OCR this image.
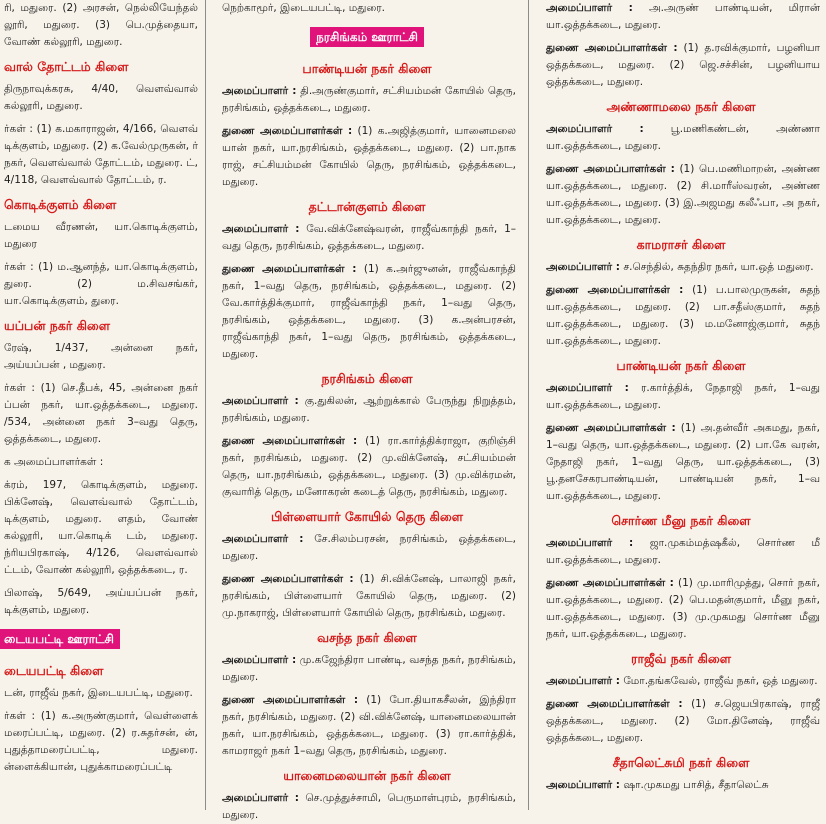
ரி, மதுரை. (2) அரசன், நெல்லியேந்தல் லூரி, மதுரை. (3) பெ.முத்தையா, வோண் கல்லூரி, மதுரை.

வால் தோட்டம் கிளை

திருநாவுக்கரசு, 4/40, வெளவ்வால் கல்லூரி, மதுரை.

ர்கள் : (1) க.மகாராஜன், 4/166, வெளவ் டிக்குளம், மதுரை. (2) க.வேல்முருகன், ர் நகர், வெளவ்வால் தோட்டம், மதுரை. ட், 4/118, வெளவ்வால் தோட்டம், ர.

கொடிக்குளம் கிளை

டமைய வீரணன், யா.கொடிக்குளம், மதுரை

ர்கள் : (1) ம.ஆனந்த், யா.கொடிக்குளம், துரை. (2) ம.சிவசங்கர், யா.கொடிக்குளம், துரை.

யப்பன் நகர் கிளை

ரேஷ், 1/437, அன்னை நகர், அய்யப்பன் , மதுரை.

ர்கள் : (1) செ.தீபக், 45, அன்னை நகர் ப்பன் நகர், யா.ஒத்தக்கடை, மதுரை. /534, அன்னை நகர் 3–வது தெரு, ஒத்தக்கடை, மதுரை.

க அமைப்பாளர்கள் :

க்ரம், 197, கொடிக்குளம், மதுரை. பிக்னேஷ், வெளவ்வால் தோட்டம், டிக்குளம், மதுரை. ளதம், வோண் கல்லூரி, யா.கொடிக் டம், மதுரை. ந்ரியபிரகாஷ், 4/126, வெளவ்வால் ட்டம், வோண் கல்லூரி, ஒத்தக்கடை, ர.

பிலாஷ், 5/649, அய்யப்பன் நகர், டிக்குளம், மதுரை.

டையபட்டி ஊராட்சி
டையபட்டி கிளை

டன், ராஜீவ் நகர், இடையபட்டி, மதுரை.

ர்கள் : (1) க.அருண்குமார், வெள்ளைக் மரைப்பட்டி, மதுரை. (2) ர.சுதர்சன், ன், புதுத்தாமரைப்பட்டி, மதுரை. ன்ளைக்கியான், புதுக்காமரைப்பட்டி

நெற்காமூர், இடையபட்டி, மதுரை.

நரசிங்கம் ஊராட்சி
பாண்டியன் நகர் கிளை

அமைப்பாளர் : தி.அருண்குமார், சட்சியம்மன் கோயில் தெரு, நரசிங்கம், ஒத்தக்கடை, மதுரை.

துணை அமைப்பாளர்கள் : (1) க.அஜித்குமார், யானைமலை யான் நகர், யா.நரசிங்கம், ஒத்தக்கடை, மதுரை. (2) பா.நாக ராஜ், சட்சியம்மன் கோயில் தெரு, நரசிங்கம், ஒத்தக்கடை, மதுரை.

தட்டான்குளம் கிளை

அமைப்பாளர் : வே.விக்னேஷ்வரன், ராஜீவ்காந்தி நகர், 1–வது தெரு, நரசிங்கம், ஒத்தக்கடை, மதுரை.

துணை அமைப்பாளர்கள் : (1) க.அர்ஜுனன், ராஜீவ்காந்தி நகர், 1–வது தெரு, நரசிங்கம், ஒத்தக்கடை, மதுரை. (2) வே.கார்த்திக்குமார், ராஜீவ்காந்தி நகர், 1–வது தெரு, நரசிங்கம், ஒத்தக்கடை, மதுரை. (3) க.அன்பரசன், ராஜீவ்காந்தி நகர், 1–வது தெரு, நரசிங்கம், ஒத்தக்கடை, மதுரை.

நரசிங்கம் கிளை

அமைப்பாளர் : கு.துகிலன், ஆற்றுக்கால் பேருந்து நிறுத்தம், நரசிங்கம், மதுரை.

துணை அமைப்பாளர்கள் : (1) ரா.கார்த்திக்ராஜா, குறிஞ்சி நகர், நரசிங்கம், மதுரை. (2) மு.விக்னேஷ், சட்சியம்மன் தெரு, யா.நரசிங்கம், ஒத்தக்கடை, மதுரை. (3) மு.விக்ரமன், குவாரித் தெரு, மனோகரன் கடைத் தெரு, நரசிங்கம், மதுரை.

பிள்ளையார் கோயில் தெரு கிளை

அமைப்பாளர் : சே.சிலம்பரசன், நரசிங்கம், ஒத்தக்கடை, மதுரை.

துணை அமைப்பாளர்கள் : (1) சி.விக்னேஷ், பாலாஜி நகர், நரசிங்கம், பிள்ளையார் கோயில் தெரு, மதுரை. (2) மு.நாகராஜ், பிள்ளையார் கோயில் தெரு, நரசிங்கம், மதுரை.

வசந்த நகர் கிளை

அமைப்பாளர் : மு.கஜேந்திரா பாண்டி, வசந்த நகர், நரசிங்கம், மதுரை.

துணை அமைப்பாளர்கள் : (1) போ.தியாகசீலன், இந்திரா நகர், நரசிங்கம், மதுரை. (2) வி.விக்னேஷ், யானைமலையான் நகர், யா.நரசிங்கம், ஒத்தக்கடை, மதுரை. (3) ரா.கார்த்திக், காமராஜர் நகர் 1–வது தெரு, நரசிங்கம், மதுரை.

யானைமலையான் நகர் கிளை

அமைப்பாளர் : செ.முத்துச்சாமி, பெருமாள்புரம், நரசிங்கம், மதுரை.

அமைப்பாளர் : அ.அருண் பாண்டியன், மிரான் யா.ஒத்தக்கடை, மதுரை.

துணை அமைப்பாளர்கள் : (1) த.ரவிக்குமார், பழனியா ஒத்தக்கடை, மதுரை. (2) ஜெ.சச்சின், பழனியாய ஒத்தக்கடை, மதுரை.

அண்ணாமலை நகர் கிளை

அமைப்பாளர் : பூ.மணிகண்டன், அண்ணா யா.ஒத்தக்கடை, மதுரை.

துணை அமைப்பாளர்கள் : (1) பெ.மணிமாறன், அண்ண யா.ஒத்தக்கடை, மதுரை. (2) சி.மாரீஸ்வரன், அண்ண யா.ஒத்தக்கடை, மதுரை. (3) இ.அஜமது கலீஃபா, அ நகர், யா.ஒத்தக்கடை, மதுரை.

காமராசர் கிளை

அமைப்பாளர் : ச.செந்தில், சுதந்திர நகர், யா.ஒத் மதுரை.

துணை அமைப்பாளர்கள் : (1) ப.பாலமுருகன், சுதந் யா.ஒத்தக்கடை, மதுரை. (2) பா.சதீஸ்குமார், சுதந் யா.ஒத்தக்கடை, மதுரை. (3) ம.மனோஜ்குமார், சுதந் யா.ஒத்தக்கடை, மதுரை.

பாண்டியன் நகர் கிளை

அமைப்பாளர் : ர.கார்த்திக், நேதாஜி நகர், 1–வது யா.ஒத்தக்கடை, மதுரை.

துணை அமைப்பாளர்கள் : (1) அ.தன்வீர் அகமது, நகர், 1–வது தெரு, யா.ஒத்தக்கடை, மதுரை. (2) பா.கே வரன், நேதாஜி நகர், 1–வது தெரு, யா.ஒத்தக்கடை, (3) பூ.தனசேகரபாண்டியன், பாண்டியன் நகர், 1–வ யா.ஒத்தக்கடை, மதுரை.

சொர்ண மீனு நகர் கிளை

அமைப்பாளர் : ஜா.முகம்மத்ஷகீல், சொர்ண மீ யா.ஒத்தக்கடை, மதுரை.

துணை அமைப்பாளர்கள் : (1) மு.மாரிமுத்து, சொர் நகர், யா.ஒத்தக்கடை, மதுரை. (2) பெ.மதன்குமார், மீனு நகர், யா.ஒத்தக்கடை, மதுரை. (3) மு.முகமது சொர்ண மீனு நகர், யா.ஒத்தக்கடை, மதுரை.

ராஜீவ் நகர் கிளை

அமைப்பாளர் : மோ.தங்கவேல், ராஜீவ் நகர், ஒத் மதுரை.

துணை அமைப்பாளர்கள் : (1) ச.ஜெயபிரகாஷ், ராஜீ ஒத்தக்கடை, மதுரை. (2) மோ.தினேஷ், ராஜீவ் ஒத்தக்கடை, மதுரை.

சீதாலெட்சுமி நகர் கிளை

அமைப்பாளர் : ஷா.முகமது பாசித், சீதாலெட்சு
